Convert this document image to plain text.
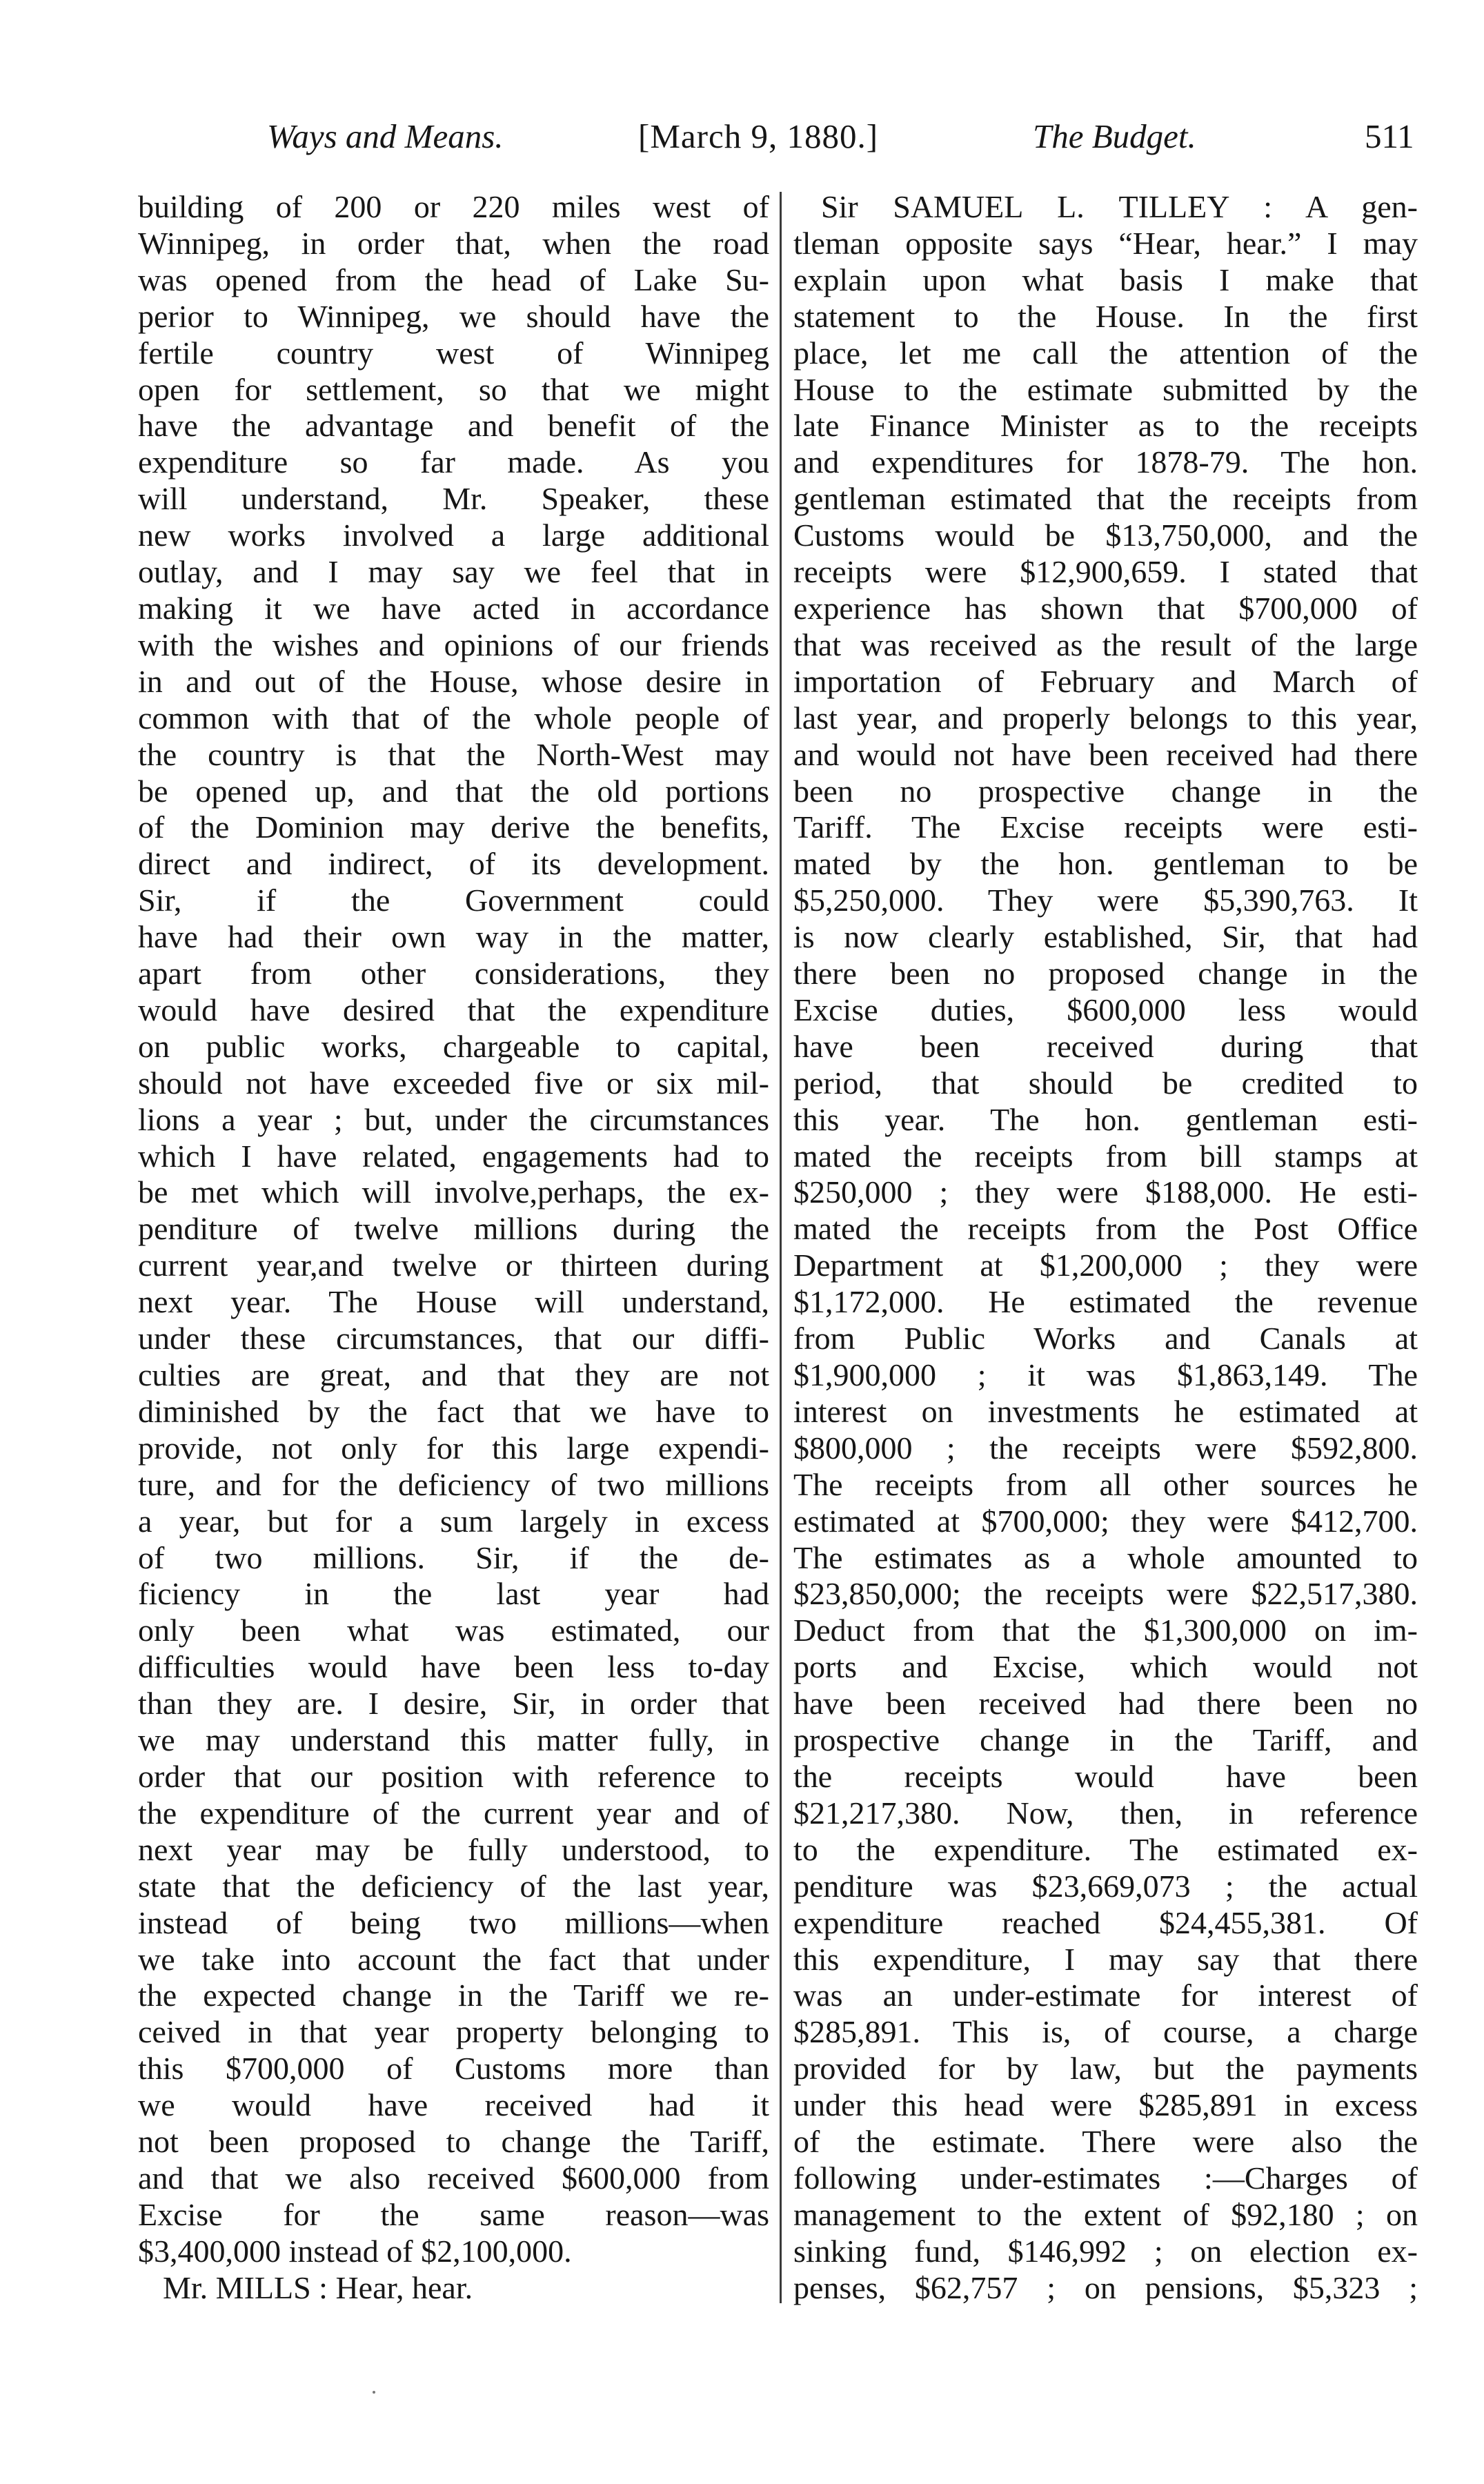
Ways and Means.	[March 9, 1880.]	The Budget.	511
building of 200 or 220 miles west of
Winnipeg, in order that, when the road
was opened from the head of Lake Su-
perior to Winnipeg, we should have the
fertile country west of Winnipeg
open for settlement, so that we might
have the advantage and benefit of the
expenditure so far made. As you
will understand, Mr. Speaker, these
new works involved a large additional
outlay, and I may say we feel that in
making it we have acted in accordance
with the wishes and opinions of our friends
in and out of the House, whose desire in
common with that of the whole people of
the country is that the North-West may
be opened up, and that the old portions
of the Dominion may derive the benefits,
direct and indirect, of its development.
Sir, if the Government could
have had their own way in the matter,
apart from other considerations, they
would have desired that the expenditure
on public works, chargeable to capital,
should not have exceeded five or six mil-
lions a year ; but, under the circumstances
which I have related, engagements had to
be met which will involve,perhaps, the ex-
penditure of twelve millions during the
current year,and twelve or thirteen during
next year. The House will understand,
under these circumstances, that our diffi-
culties are great, and that they are not
diminished by the fact that we have to
provide, not only for this large expendi-
ture, and for the deficiency of two millions
a year, but for a sum largely in excess
of two millions. Sir, if the de-
ficiency in the last year had
only been what was estimated, our
difficulties would have been less to-day
than they are. I desire, Sir, in order that
we may understand this matter fully, in
order that our position with reference to
the expenditure of the current year and of
next year may be fully understood, to
state that the deficiency of the last year,
instead of being two millions—when
we take into account the fact that under
the expected change in the Tariff we re-
ceived in that year property belonging to
this $700,000 of Customs more than
we would have received had it
not been proposed to change the Tariff,
and that we also received $600,000 from
Excise for the same reason—was
$3,400,000 instead of $2,100,000.
Mr. MILLS : Hear, hear.
Sir SAMUEL L. TILLEY : A gen-
tleman opposite says “Hear, hear.” I may
explain upon what basis I make that
statement to the House. In the first
place, let me call the attention of the
House to the estimate submitted by the
late Finance Minister as to the receipts
and expenditures for 1878-79. The hon.
gentleman estimated that the receipts from
Customs would be $13,750,000, and the
receipts were $12,900,659. I stated that
experience has shown that $700,000 of
that was received as the result of the large
importation of February and March of
last year, and properly belongs to this year,
and would not have been received had there
been no prospective change in the
Tariff. The Excise receipts were esti-
mated by the hon. gentleman to be
$5,250,000. They were $5,390,763. It
is now clearly established, Sir, that had
there been no proposed change in the
Excise duties, $600,000 less would
have been received during that
period, that should be credited to
this year. The hon. gentleman esti-
mated the receipts from bill stamps at
$250,000 ; they were $188,000. He esti-
mated the receipts from the Post Office
Department at $1,200,000 ; they were
$1,172,000. He estimated the revenue
from Public Works and Canals at
$1,900,000 ; it was $1,863,149. The
interest on investments he estimated at
$800,000 ; the receipts were $592,800.
The receipts from all other sources he
estimated at $700,000; they were $412,700.
The estimates as a whole amounted to
$23,850,000; the receipts were $22,517,380.
Deduct from that the $1,300,000 on im-
ports and Excise, which would not
have been received had there been no
prospective change in the Tariff, and
the receipts would have been
$21,217,380. Now, then, in reference
to the expenditure. The estimated ex-
penditure was $23,669,073 ; the actual
expenditure reached $24,455,381. Of
this expenditure, I may say that there
was an under-estimate for interest of
$285,891. This is, of course, a charge
provided for by law, but the payments
under this head were $285,891 in excess
of the estimate. There were also the
following under-estimates :—Charges of
management to the extent of $92,180 ; on
sinking fund, $146,992 ; on election ex-
penses, $62,757 ; on pensions, $5,323 ;
